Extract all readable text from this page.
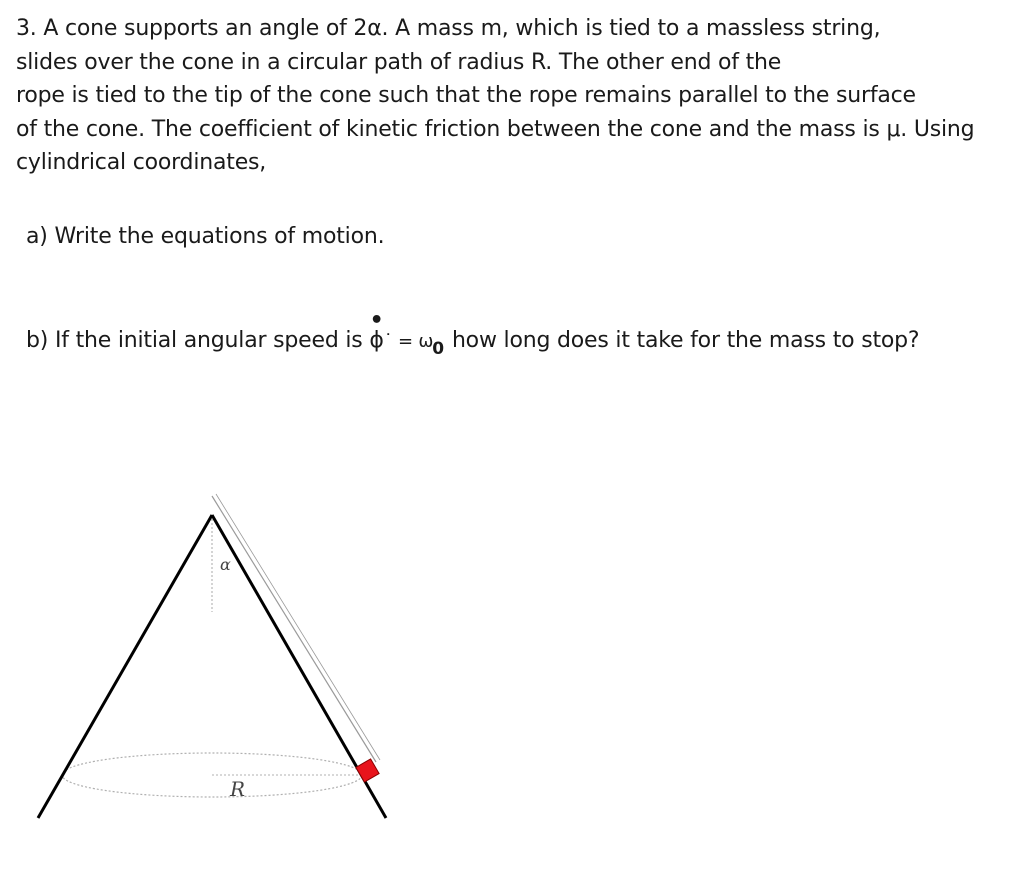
3. A cone supports an angle of 2α. A mass m, which is tied to a massless string,
slides over the cone in a circular path of radius R. The other end of the
rope is tied to the tip of the cone such that the rope remains parallel to the surface
of the cone. The coefficient of kinetic friction between the cone and the mass is μ. Using
cylindrical coordinates,
a) Write the equations of motion.
b) If the initial angular speed is
•
ϕ˙ = $\omega_0$ how long does it take for the mass to stop?
α
R
